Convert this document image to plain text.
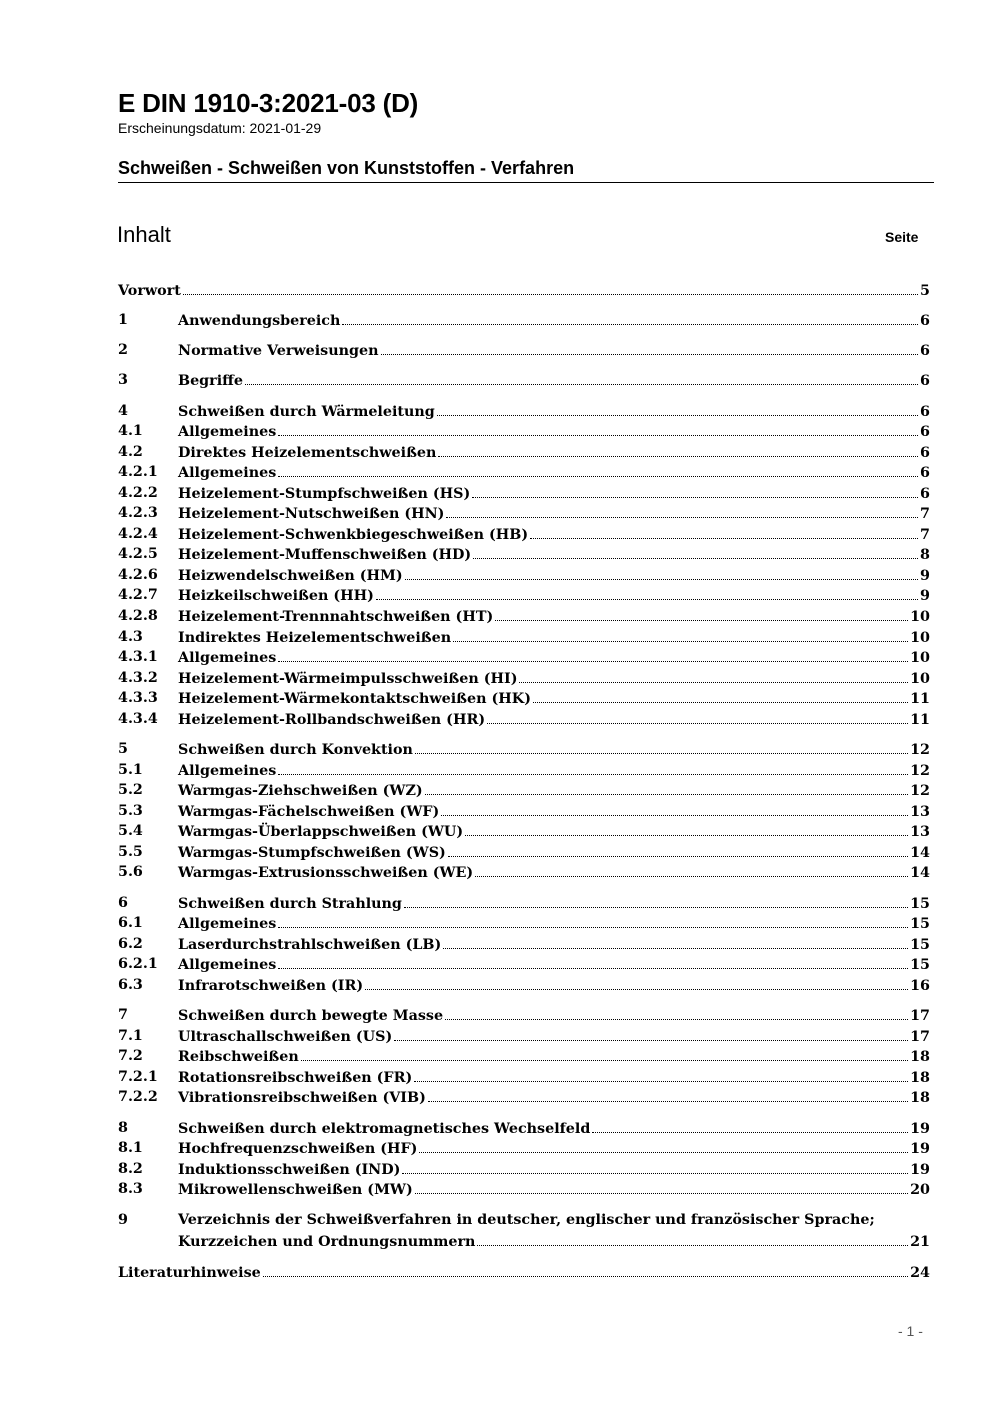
E DIN 1910-3:2021-03 (D)
Erscheinungsdatum: 2021-01-29
Schweißen - Schweißen von Kunststoffen - Verfahren
Inhalt	Seite
Vorwort	5
1	Anwendungsbereich	6
2	Normative Verweisungen	6
3	Begriffe	6
4	Schweißen durch Wärmeleitung	6
4.1 Allgemeines	6
4.2 Direktes Heizelementschweißen	6
4.2.1 Allgemeines	6
4.2.2 Heizelement-Stumpfschweißen (HS)	6
4.2.3 Heizelement-Nutschweißen (HN)	7
4.2.4 Heizelement-Schwenkbiegeschweißen (HB)	7
4.2.5 Heizelement-Muffenschweißen (HD)	8
4.2.6 Heizwendelschweißen (HM)	9
4.2.7 Heizkeilschweißen (HH)	9
4.2.8 Heizelement-Trennnahtschweißen (HT)	10
4.3 Indirektes Heizelementschweißen	10
4.3.1 Allgemeines	10
4.3.2 Heizelement-Wärmeimpulsschweißen (HI)	10
4.3.3 Heizelement-Wärmekontaktschweißen (HK)	11
4.3.4 Heizelement-Rollbandschweißen (HR)	11
5	Schweißen durch Konvektion	12
5.1 Allgemeines	12
5.2 Warmgas-Ziehschweißen (WZ)	12
5.3 Warmgas-Fächelschweißen (WF)	13
5.4 Warmgas-Überlappschweißen (WU)	13
5.5 Warmgas-Stumpfschweißen (WS)	14
5.6 Warmgas-Extrusionsschweißen (WE)	14
6	Schweißen durch Strahlung	15
6.1 Allgemeines	15
6.2 Laserdurchstrahlschweißen (LB)	15
6.2.1 Allgemeines	15
6.3 Infrarotschweißen (IR)	16
7	Schweißen durch bewegte Masse	17
7.1 Ultraschallschweißen (US)	17
7.2 Reibschweißen	18
7.2.1 Rotationsreibschweißen (FR)	18
7.2.2 Vibrationsreibschweißen (VIB)	18
8	Schweißen durch elektromagnetisches Wechselfeld	19
8.1 Hochfrequenzschweißen (HF)	19
8.2 Induktionsschweißen (IND)	19
8.3 Mikrowellenschweißen (MW)	20
9	Verzeichnis der Schweißverfahren in deutscher, englischer und französischer Sprache;
Kurzzeichen und Ordnungsnummern	21
Literaturhinweise	24
- 1 -
